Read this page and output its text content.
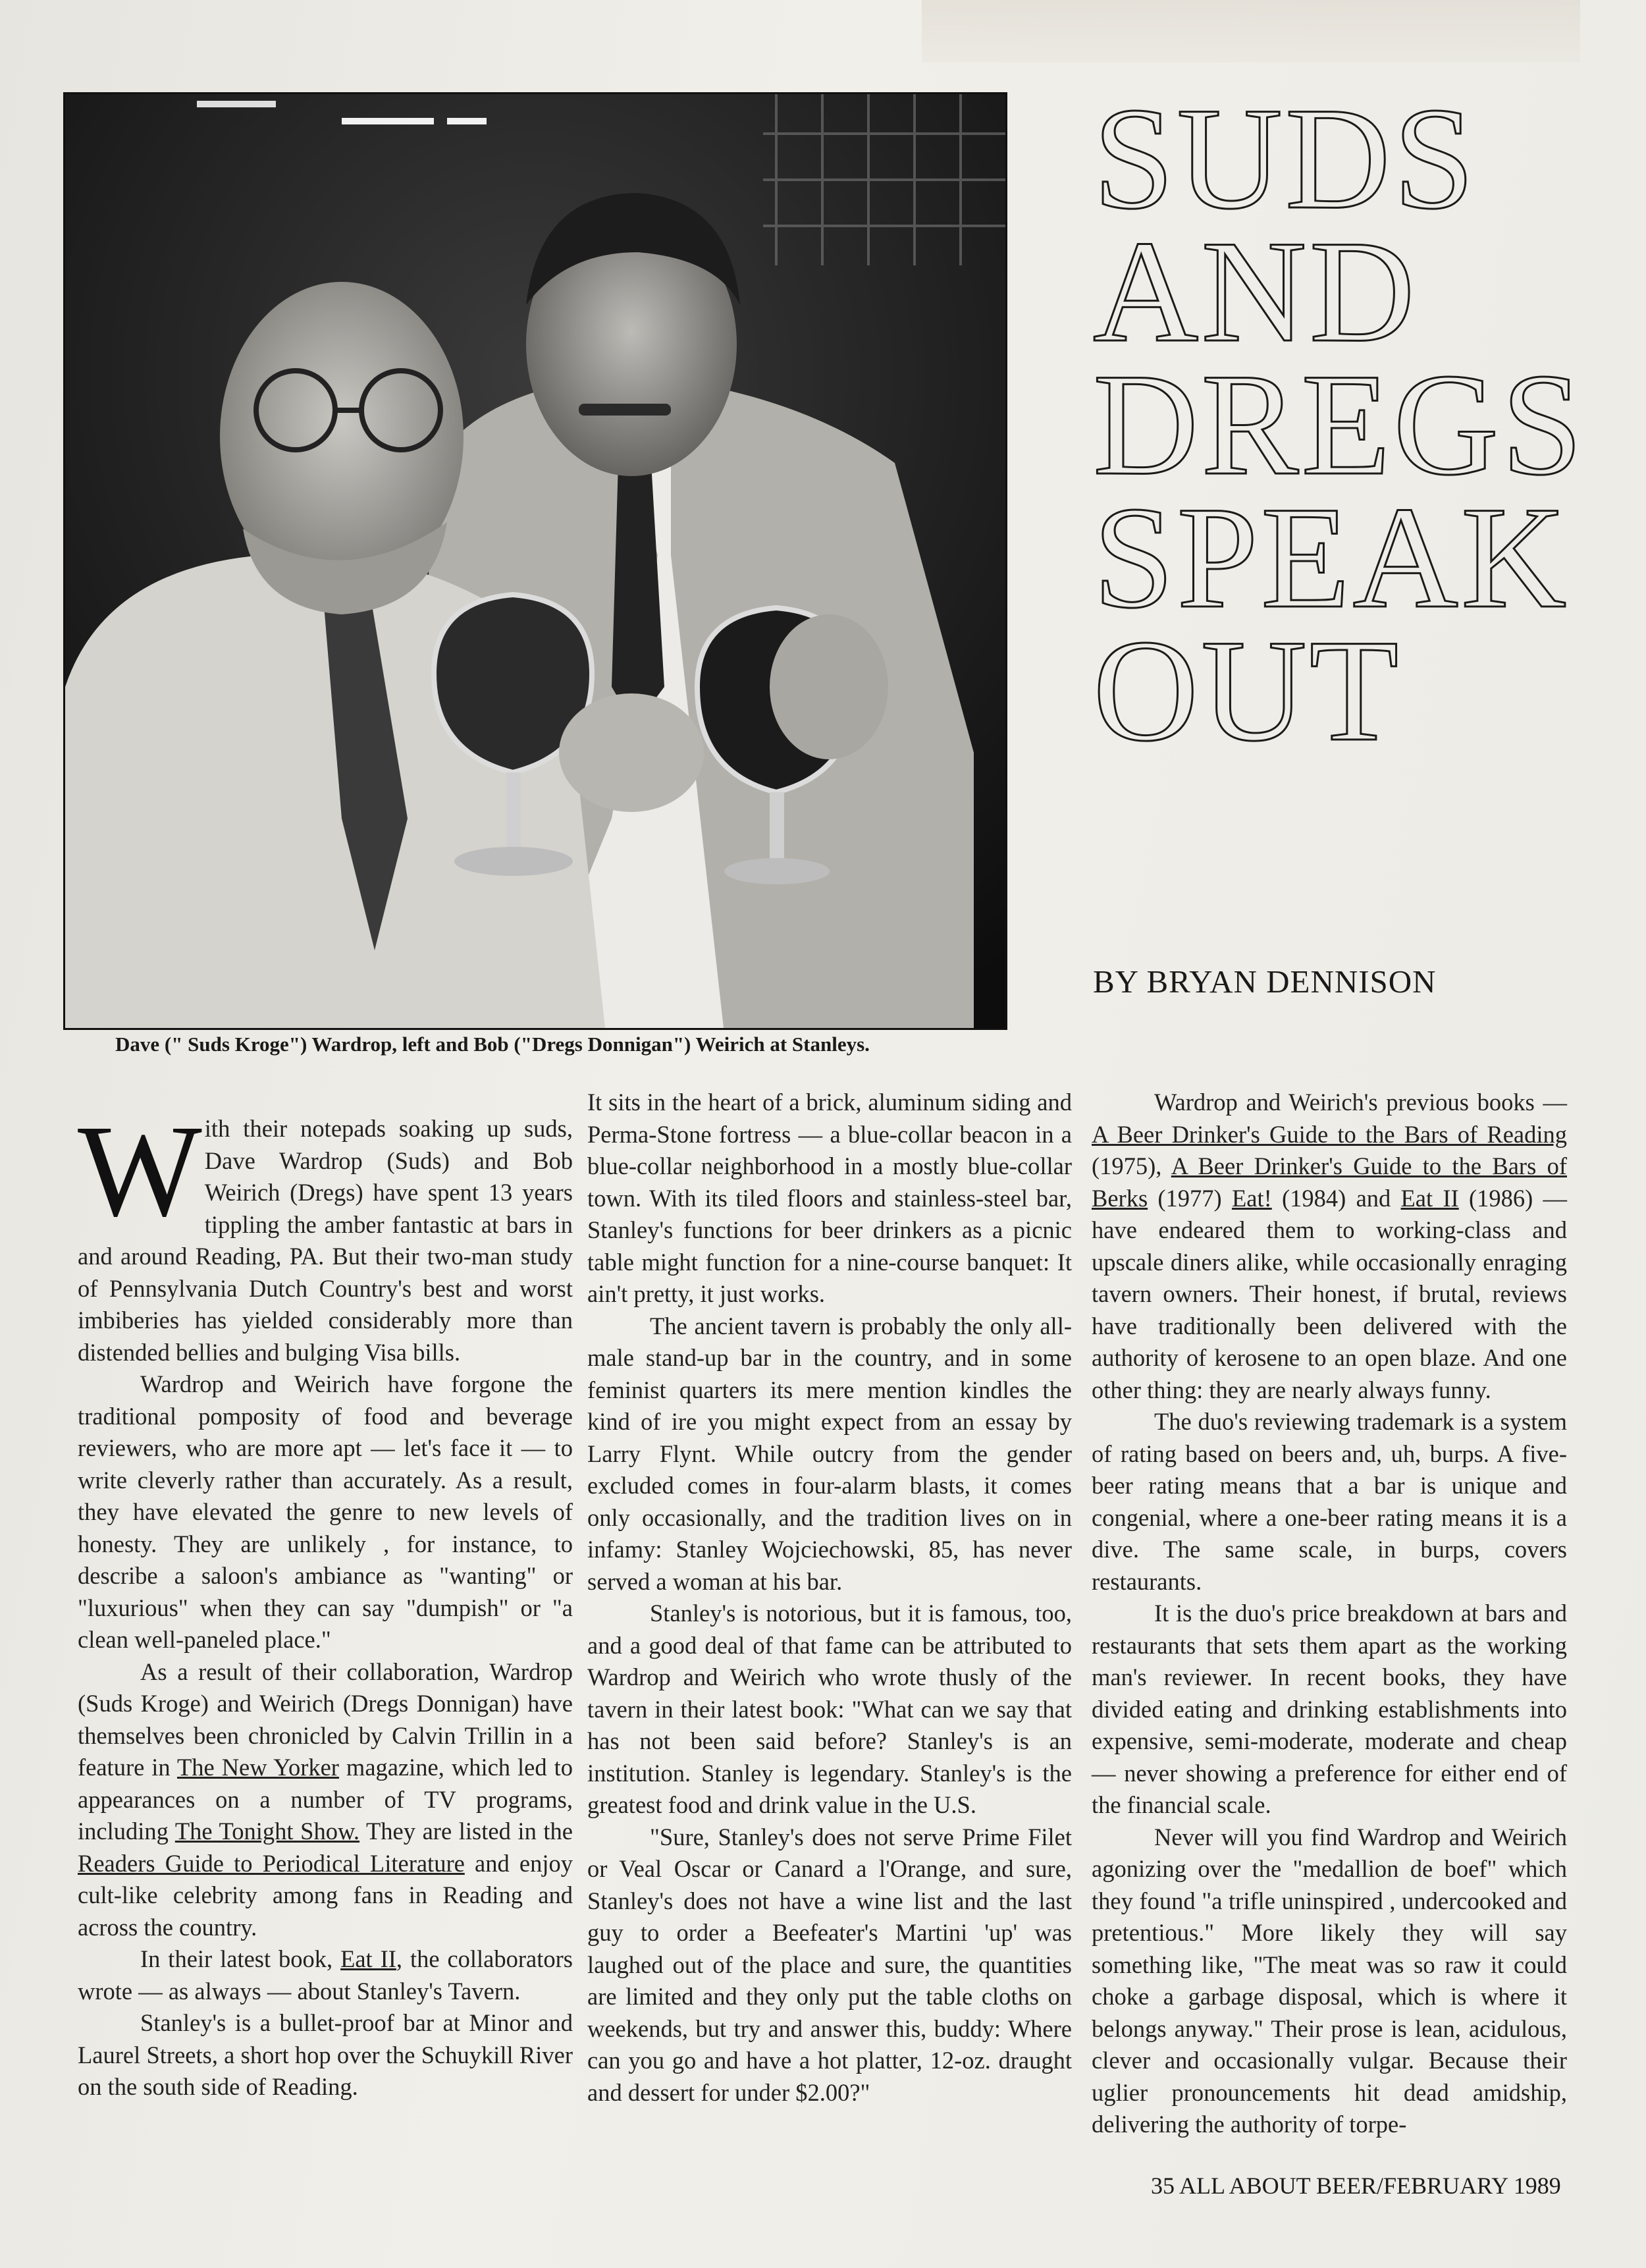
Dave (" Suds Kroge") Wardrop, left and Bob ("Dregs Donnigan") Weirich at Stanleys.
SUDS
AND
DREGS
SPEAK
OUT
BY BRYAN DENNISON

With their notepads soaking up suds, Dave Wardrop (Suds) and Bob Weirich (Dregs) have spent 13 years tippling the amber fantastic at bars in and around Reading, PA. But their two-man study of Pennsylvania Dutch Country's best and worst imbiberies has yielded considerably more than distended bellies and bulging Visa bills.

Wardrop and Weirich have forgone the traditional pomposity of food and beverage reviewers, who are more apt — let's face it — to write cleverly rather than accurately. As a result, they have elevated the genre to new levels of honesty. They are unlikely , for instance, to describe a saloon's ambiance as "wanting" or "luxurious" when they can say "dumpish" or "a clean well-paneled place."

As a result of their collaboration, Wardrop (Suds Kroge) and Weirich (Dregs Donnigan) have themselves been chronicled by Calvin Trillin in a feature in The New Yorker magazine, which led to appearances on a number of TV programs, including The Tonight Show. They are listed in the Readers Guide to Periodical Literature and enjoy cult-like celebrity among fans in Reading and across the country.

In their latest book, Eat II, the collaborators wrote — as always — about Stanley's Tavern.

Stanley's is a bullet-proof bar at Minor and Laurel Streets, a short hop over the Schuykill River on the south side of Reading.

It sits in the heart of a brick, aluminum siding and Perma-Stone fortress — a blue-collar beacon in a blue-collar neighborhood in a mostly blue-collar town. With its tiled floors and stainless-steel bar, Stanley's functions for beer drinkers as a picnic table might function for a nine-course banquet: It ain't pretty, it just works.

The ancient tavern is probably the only all-male stand-up bar in the country, and in some feminist quarters its mere mention kindles the kind of ire you might expect from an essay by Larry Flynt. While outcry from the gender excluded comes in four-alarm blasts, it comes only occasionally, and the tradition lives on in infamy: Stanley Wojciechowski, 85, has never served a woman at his bar.

Stanley's is notorious, but it is famous, too, and a good deal of that fame can be attributed to Wardrop and Weirich who wrote thusly of the tavern in their latest book: "What can we say that has not been said before? Stanley's is an institution. Stanley is legendary. Stanley's is the greatest food and drink value in the U.S.

"Sure, Stanley's does not serve Prime Filet or Veal Oscar or Canard a l'Orange, and sure, Stanley's does not have a wine list and the last guy to order a Beefeater's Martini 'up' was laughed out of the place and sure, the quantities are limited and they only put the table cloths on weekends, but try and answer this, buddy: Where can you go and have a hot platter, 12-oz. draught and dessert for under $2.00?"

Wardrop and Weirich's previous books — A Beer Drinker's Guide to the Bars of Reading (1975), A Beer Drinker's Guide to the Bars of Berks (1977) Eat! (1984) and Eat II (1986) — have endeared them to working-class and upscale diners alike, while occasionally enraging tavern owners. Their honest, if brutal, reviews have traditionally been delivered with the authority of kerosene to an open blaze. And one other thing: they are nearly always funny.

The duo's reviewing trademark is a system of rating based on beers and, uh, burps. A five-beer rating means that a bar is unique and congenial, where a one-beer rating means it is a dive. The same scale, in burps, covers restaurants.

It is the duo's price breakdown at bars and restaurants that sets them apart as the working man's reviewer. In recent books, they have divided eating and drinking establishments into expensive, semi-moderate, moderate and cheap — never showing a preference for either end of the financial scale.

Never will you find Wardrop and Weirich agonizing over the "medallion de boef" which they found "a trifle uninspired , undercooked and pretentious." More likely they will say something like, "The meat was so raw it could choke a garbage disposal, which is where it belongs anyway." Their prose is lean, acidulous, clever and occasionally vulgar. Because their uglier pronouncements hit dead amidship, delivering the authority of torpe-

35 ALL ABOUT BEER/FEBRUARY 1989
